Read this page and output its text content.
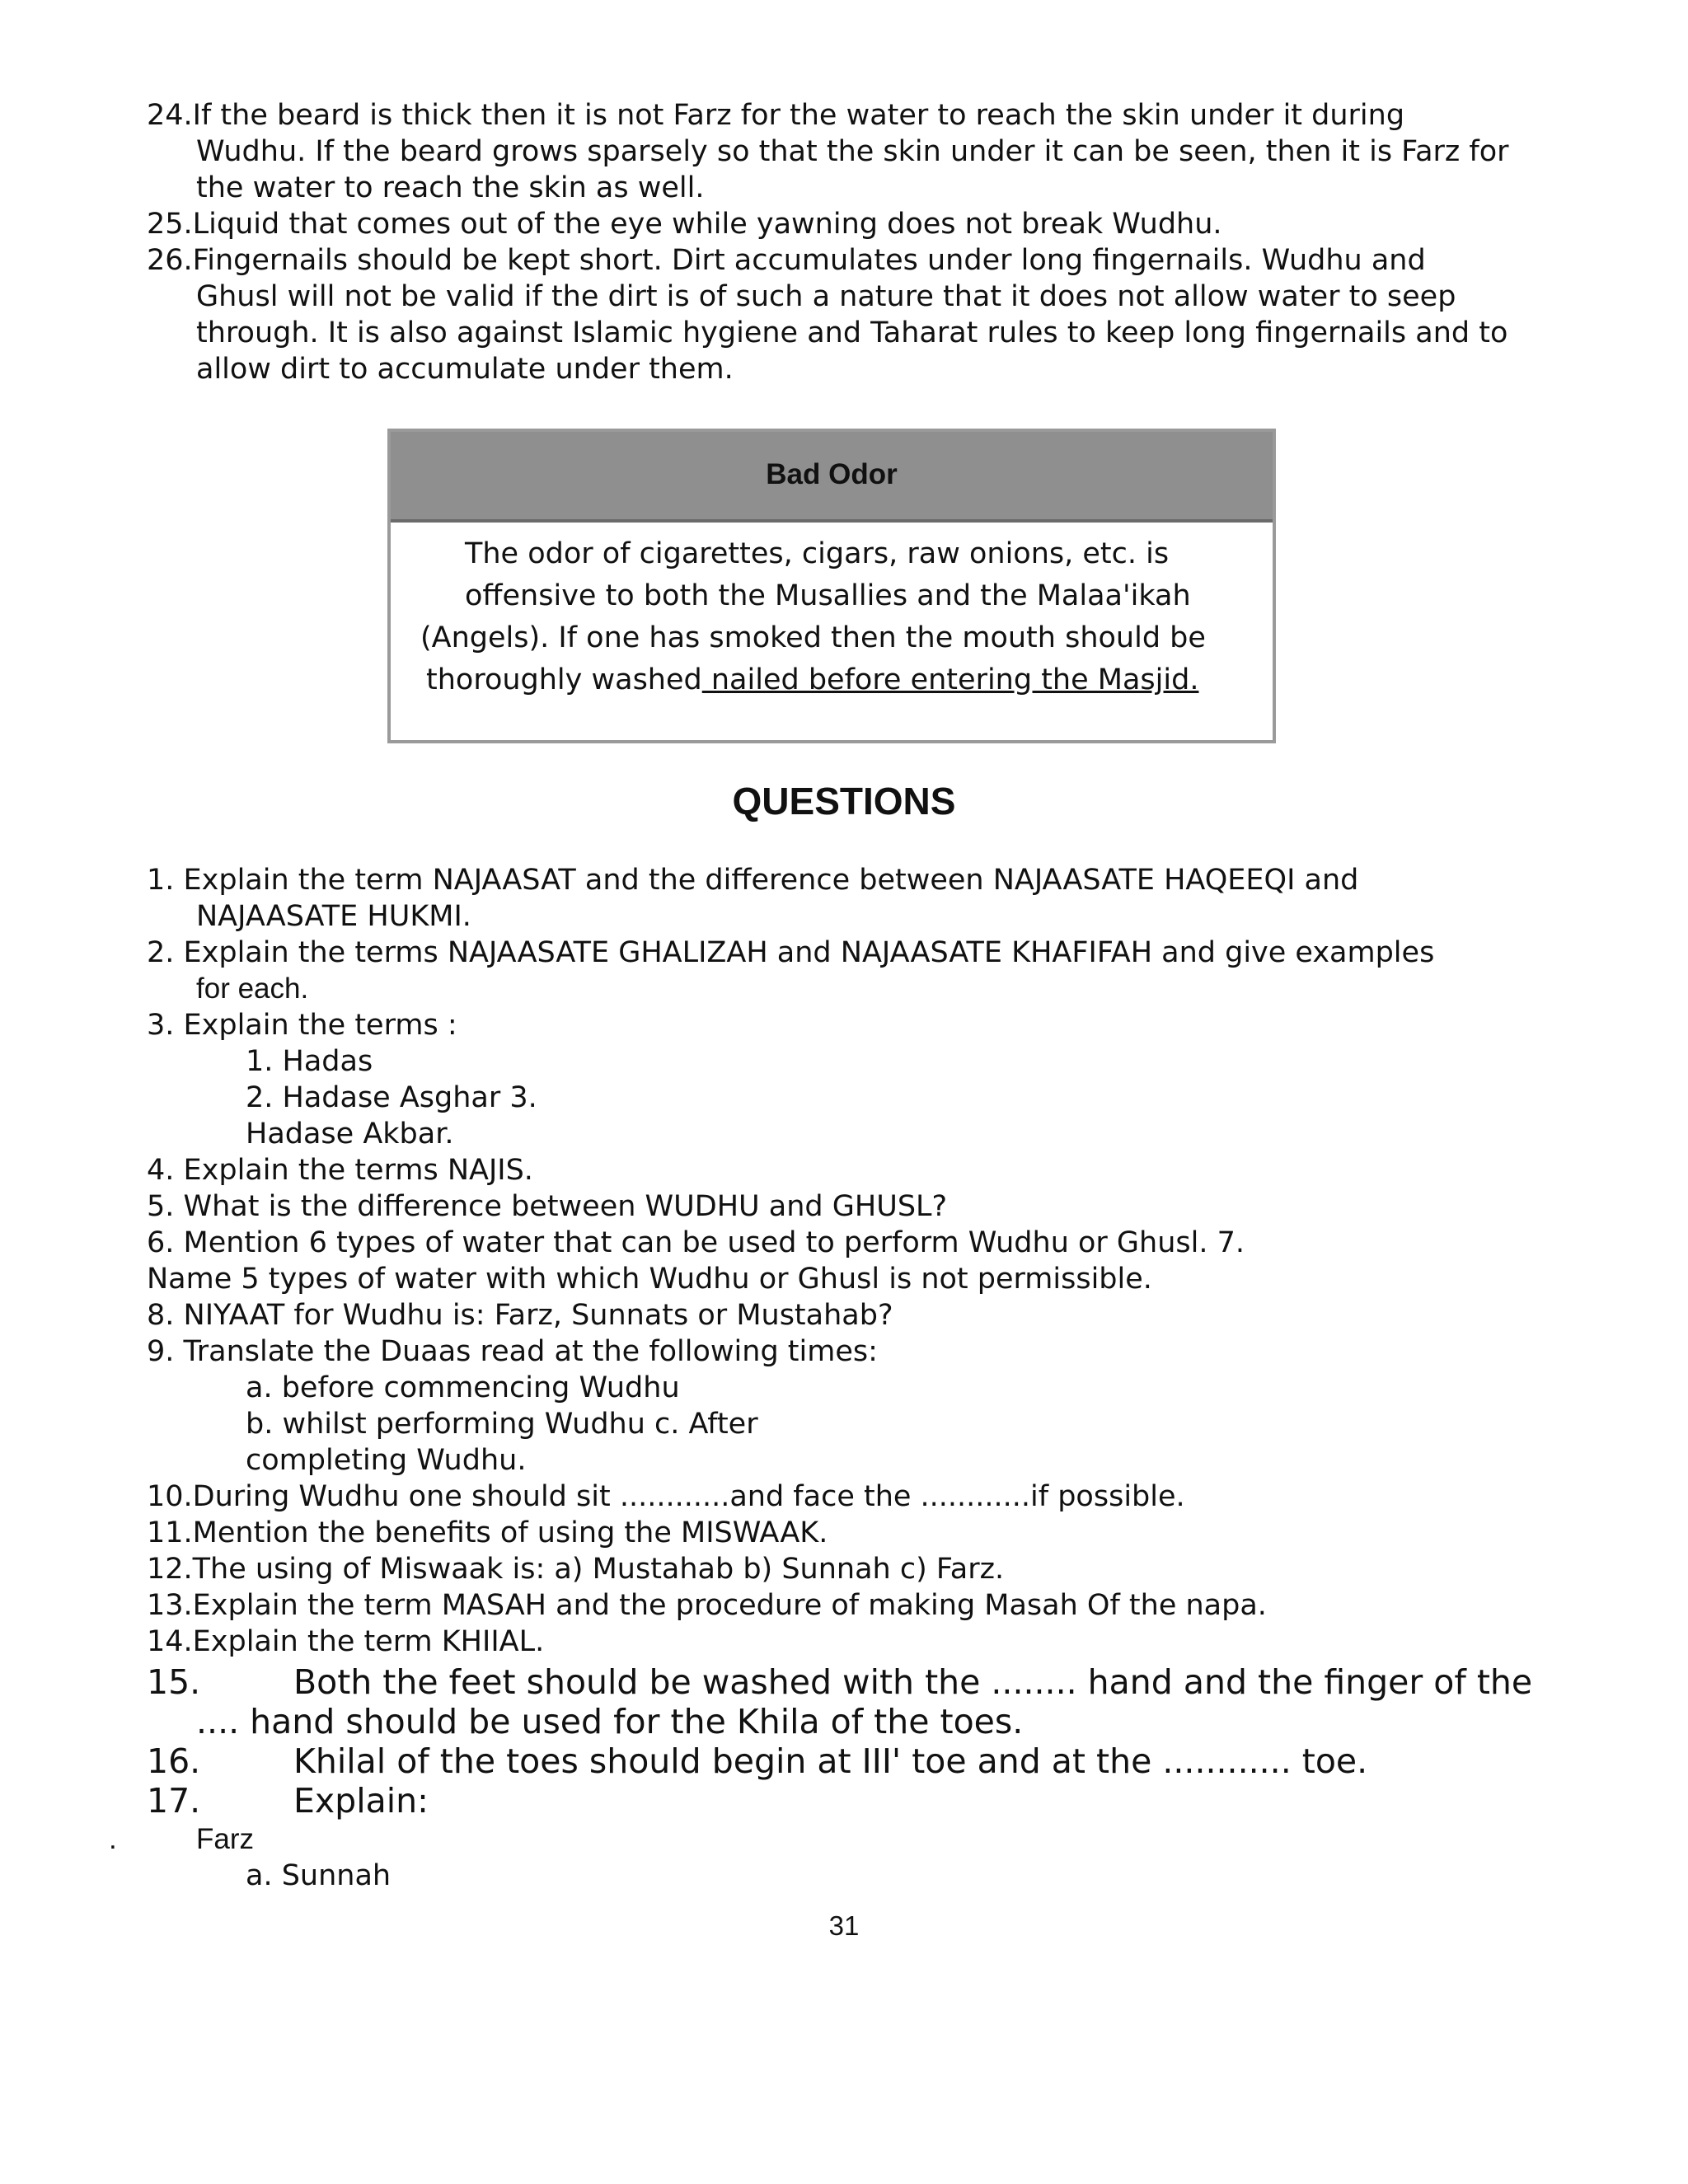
24.If the beard is thick then it is not Farz for the water to reach the skin under it during
Wudhu. If the beard grows sparsely so that the skin under it can be seen, then it is Farz for
the water to reach the skin as well.
25.Liquid that comes out of the eye while yawning does not break Wudhu.
26.Fingernails should be kept short. Dirt accumulates under long fingernails. Wudhu and
Ghusl will not be valid if the dirt is of such a nature that it does not allow water to seep
through. It is also against Islamic hygiene and Taharat rules to keep long fingernails and to
allow dirt to accumulate under them.
Bad Odor
The odor of cigarettes, cigars, raw onions, etc. is
offensive to both the Musallies and the Malaa'ikah
(Angels). If one has smoked then the mouth should be
thoroughly washed nailed before entering the Masjid.
QUESTIONS
1. Explain the term NAJAASAT and the difference between NAJAASATE HAQEEQI and
NAJAASATE HUKMI.
2. Explain the terms NAJAASATE GHALIZAH and NAJAASATE KHAFIFAH and give examples
for each.
3. Explain the terms :
1. Hadas
2. Hadase Asghar 3.
Hadase Akbar.
4. Explain the terms NAJIS.
5. What is the difference between WUDHU and GHUSL?
6. Mention 6 types of water that can be used to perform Wudhu or Ghusl. 7.
Name 5 types of water with which Wudhu or Ghusl is not permissible.
8. NIYAAT for Wudhu is: Farz, Sunnats or Mustahab?
9. Translate the Duaas read at the following times:
a. before commencing Wudhu
b. whilst performing Wudhu c. After
completing Wudhu.
10.During Wudhu one should sit ............and face the ............if possible.
11.Mention the benefits of using the MISWAAK.
12.The using of Miswaak is: a) Mustahab b) Sunnah c) Farz.
13.Explain the term MASAH and the procedure of making Masah Of the napa.
14.Explain the term KHIIAL.
15.	Both the feet should be washed with the ........ hand and the finger of the
.... hand should be used for the Khila of the toes.
16.	Khilal of the toes should begin at III' toe and at the ............ toe.
17.	Explain:
.	Farz
a. Sunnah
31
